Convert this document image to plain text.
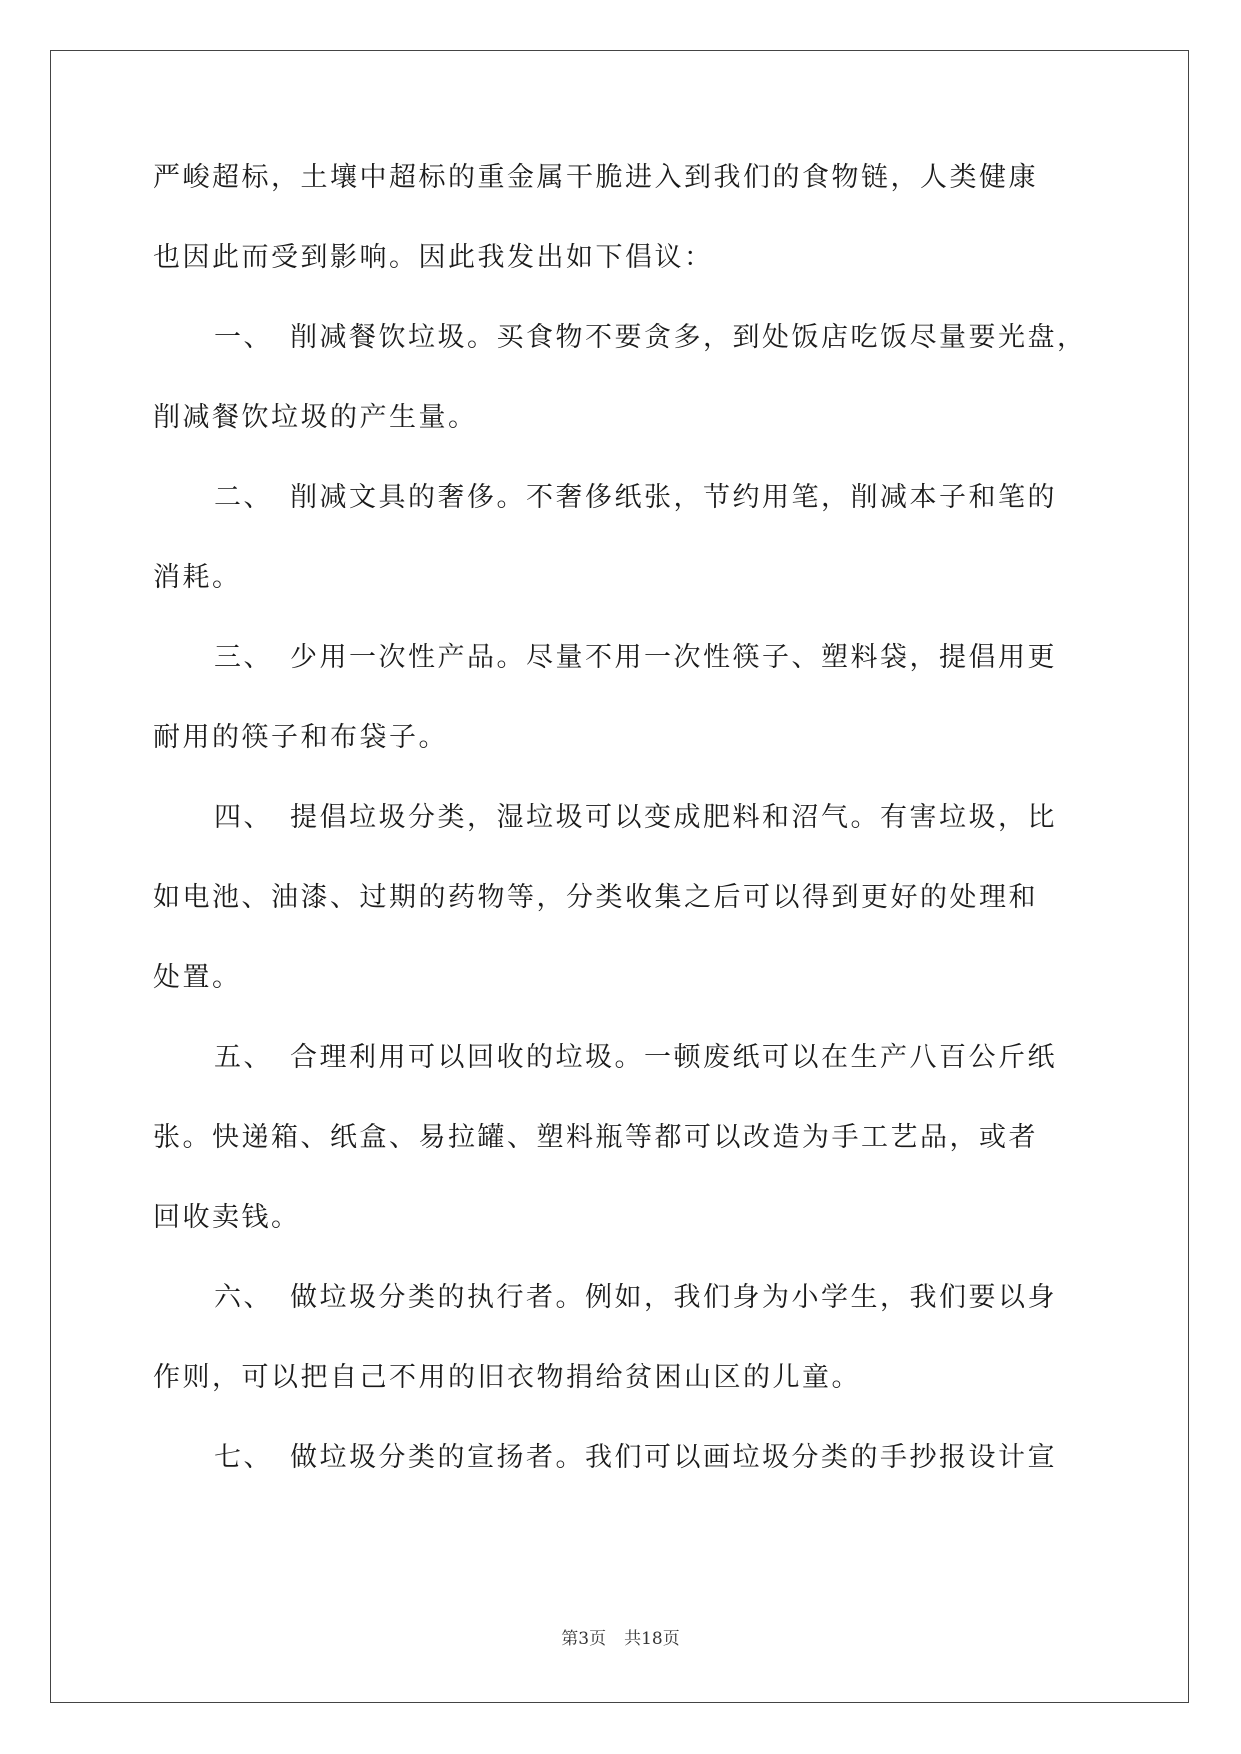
严峻超标，土壤中超标的重金属干脆进入到我们的食物链，人类健康

也因此而受到影响。因此我发出如下倡议：

一、 削减餐饮垃圾。买食物不要贪多，到处饭店吃饭尽量要光盘，

削减餐饮垃圾的产生量。

二、 削减文具的奢侈。不奢侈纸张，节约用笔，削减本子和笔的

消耗。

三、 少用一次性产品。尽量不用一次性筷子、塑料袋，提倡用更

耐用的筷子和布袋子。

四、 提倡垃圾分类，湿垃圾可以变成肥料和沼气。有害垃圾，比

如电池、油漆、过期的药物等，分类收集之后可以得到更好的处理和

处置。

五、 合理利用可以回收的垃圾。一顿废纸可以在生产八百公斤纸

张。快递箱、纸盒、易拉罐、塑料瓶等都可以改造为手工艺品，或者

回收卖钱。

六、 做垃圾分类的执行者。例如，我们身为小学生，我们要以身

作则，可以把自己不用的旧衣物捐给贫困山区的儿童。

七、 做垃圾分类的宣扬者。我们可以画垃圾分类的手抄报设计宣

第3页 共18页
